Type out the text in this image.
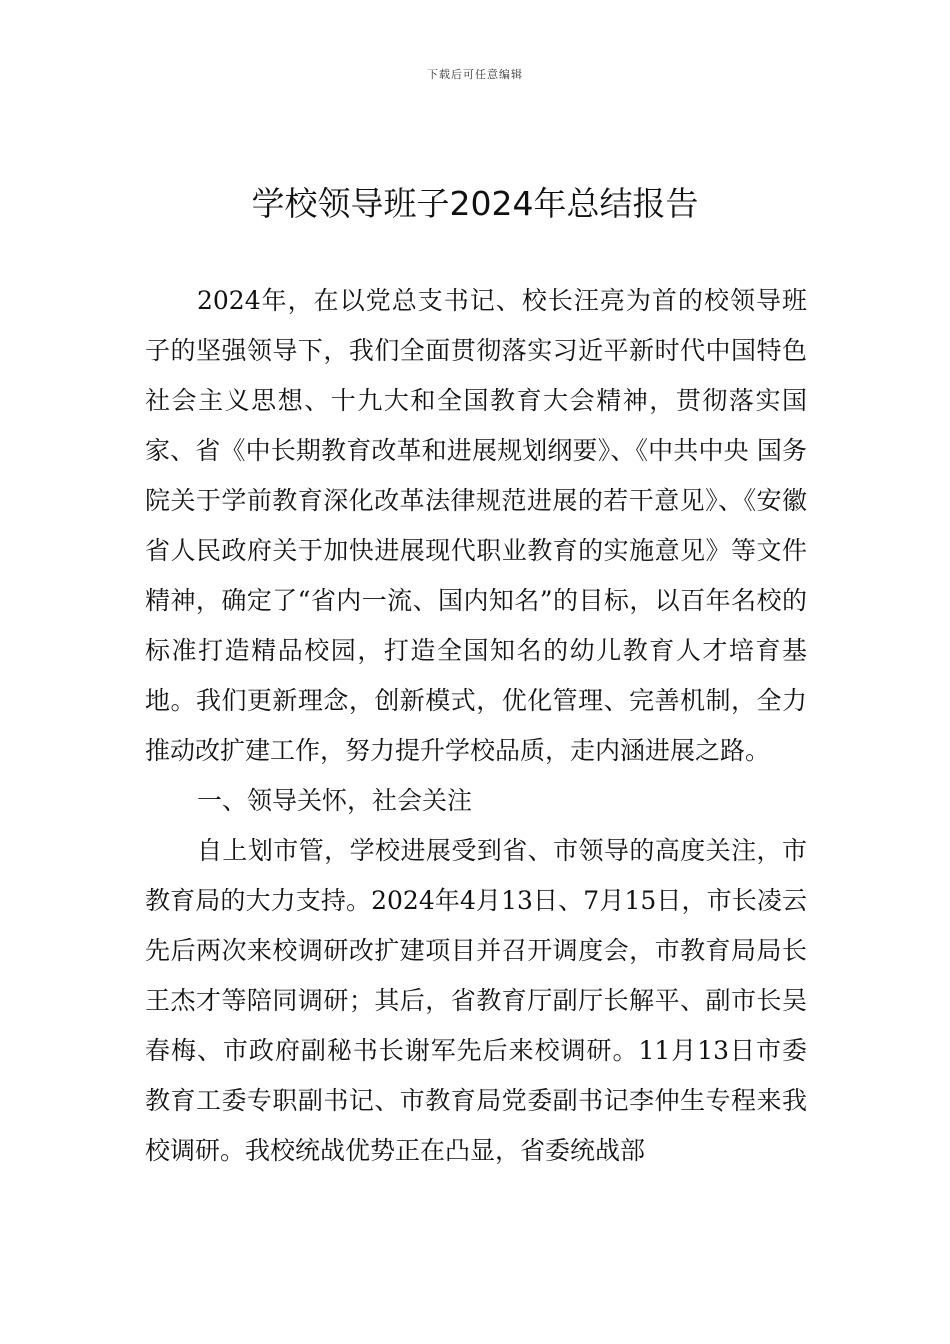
下载后可任意编辑
学校领导班子2024年总结报告

2024年，在以党总支书记、校长汪亮为首的校领导班子的坚强领导下，我们全面贯彻落实习近平新时代中国特色社会主义思想、十九大和全国教育大会精神，贯彻落实国家、省《中长期教育改革和进展规划纲要》、《中共中央 国务院关于学前教育深化改革法律规范进展的若干意见》、《安徽省人民政府关于加快进展现代职业教育的实施意见》等文件精神，确定了“省内一流、国内知名”的目标，以百年名校的标准打造精品校园，打造全国知名的幼儿教育人才培育基地。我们更新理念，创新模式，优化管理、完善机制，全力推动改扩建工作，努力提升学校品质，走内涵进展之路。

一、领导关怀，社会关注

自上划市管，学校进展受到省、市领导的高度关注，市教育局的大力支持。2024年4月13日、7月15日，市长凌云先后两次来校调研改扩建项目并召开调度会，市教育局局长王杰才等陪同调研；其后，省教育厅副厅长解平、副市长吴春梅、市政府副秘书长谢军先后来校调研。11月13日市委教育工委专职副书记、市教育局党委副书记李仲生专程来我校调研。我校统战优势正在凸显，省委统战部
